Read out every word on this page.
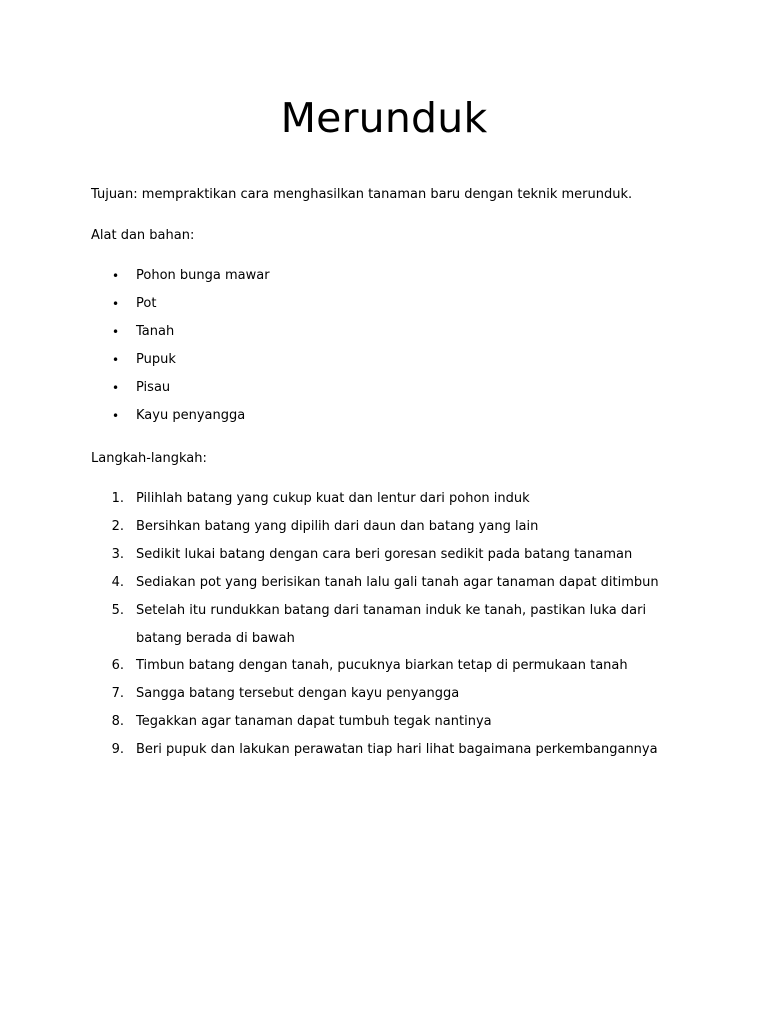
Merunduk

Tujuan: mempraktikan cara menghasilkan tanaman baru dengan teknik merunduk.

Alat dan bahan:

• Pohon bunga mawar
• Pot
• Tanah
• Pupuk
• Pisau
• Kayu penyangga

Langkah-langkah:

1. Pilihlah batang yang cukup kuat dan lentur dari pohon induk
2. Bersihkan batang yang dipilih dari daun dan batang yang lain
3. Sedikit lukai batang dengan cara beri goresan sedikit pada batang tanaman
4. Sediakan pot yang berisikan tanah lalu gali tanah agar tanaman dapat ditimbun
5. Setelah itu rundukkan batang dari tanaman induk ke tanah, pastikan luka dari batang berada di bawah
6. Timbun batang dengan tanah, pucuknya biarkan tetap di permukaan tanah
7. Sangga batang tersebut dengan kayu penyangga
8. Tegakkan agar tanaman dapat tumbuh tegak nantinya
9. Beri pupuk dan lakukan perawatan tiap hari lihat bagaimana perkembangannya
